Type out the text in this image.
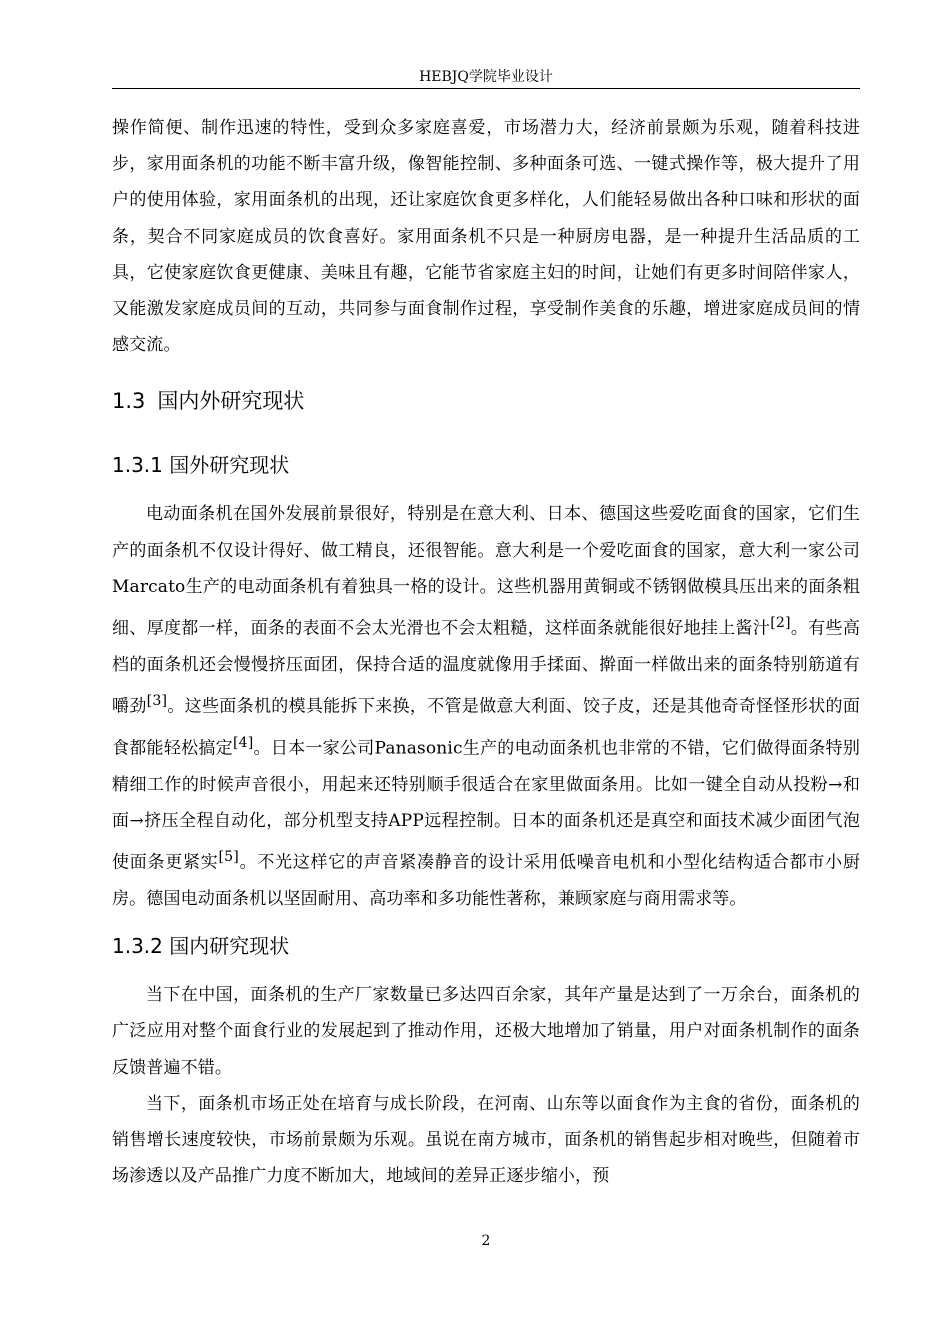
HEBJQ学院毕业设计

操作简便、制作迅速的特性，受到众多家庭喜爱，市场潜力大，经济前景颇为乐观，随着科技进步，家用面条机的功能不断丰富升级，像智能控制、多种面条可选、一键式操作等，极大提升了用户的使用体验，家用面条机的出现，还让家庭饮食更多样化，人们能轻易做出各种口味和形状的面条，契合不同家庭成员的饮食喜好。家用面条机不只是一种厨房电器，是一种提升生活品质的工具，它使家庭饮食更健康、美味且有趣，它能节省家庭主妇的时间，让她们有更多时间陪伴家人，又能激发家庭成员间的互动，共同参与面食制作过程，享受制作美食的乐趣，增进家庭成员间的情感交流。

1.3 国内外研究现状
1.3.1 国外研究现状

电动面条机在国外发展前景很好，特别是在意大利、日本、德国这些爱吃面食的国家，它们生产的面条机不仅设计得好、做工精良，还很智能。意大利是一个爱吃面食的国家，意大利一家公司Marcato生产的电动面条机有着独具一格的设计。这些机器用黄铜或不锈钢做模具压出来的面条粗细、厚度都一样，面条的表面不会太光滑也不会太粗糙，这样面条就能很好地挂上酱汁[2]。有些高档的面条机还会慢慢挤压面团，保持合适的温度就像用手揉面、擀面一样做出来的面条特别筋道有嚼劲[3]。这些面条机的模具能拆下来换，不管是做意大利面、饺子皮，还是其他奇奇怪怪形状的面食都能轻松搞定[4]。日本一家公司Panasonic生产的电动面条机也非常的不错，它们做得面条特别精细工作的时候声音很小，用起来还特别顺手很适合在家里做面条用。比如一键全自动从投粉→和面→挤压全程自动化，部分机型支持APP远程控制。日本的面条机还是真空和面技术减少面团气泡使面条更紧实[5]。不光这样它的声音紧凑静音的设计采用低噪音电机和小型化结构适合都市小厨房。德国电动面条机以坚固耐用、高功率和多功能性著称，兼顾家庭与商用需求等。

1.3.2 国内研究现状

当下在中国，面条机的生产厂家数量已多达四百余家，其年产量是达到了一万余台，面条机的广泛应用对整个面食行业的发展起到了推动作用，还极大地增加了销量，用户对面条机制作的面条反馈普遍不错。

当下，面条机市场正处在培育与成长阶段，在河南、山东等以面食作为主食的省份，面条机的销售增长速度较快，市场前景颇为乐观。虽说在南方城市，面条机的销售起步相对晚些，但随着市场渗透以及产品推广力度不断加大，地域间的差异正逐步缩小，预

2
